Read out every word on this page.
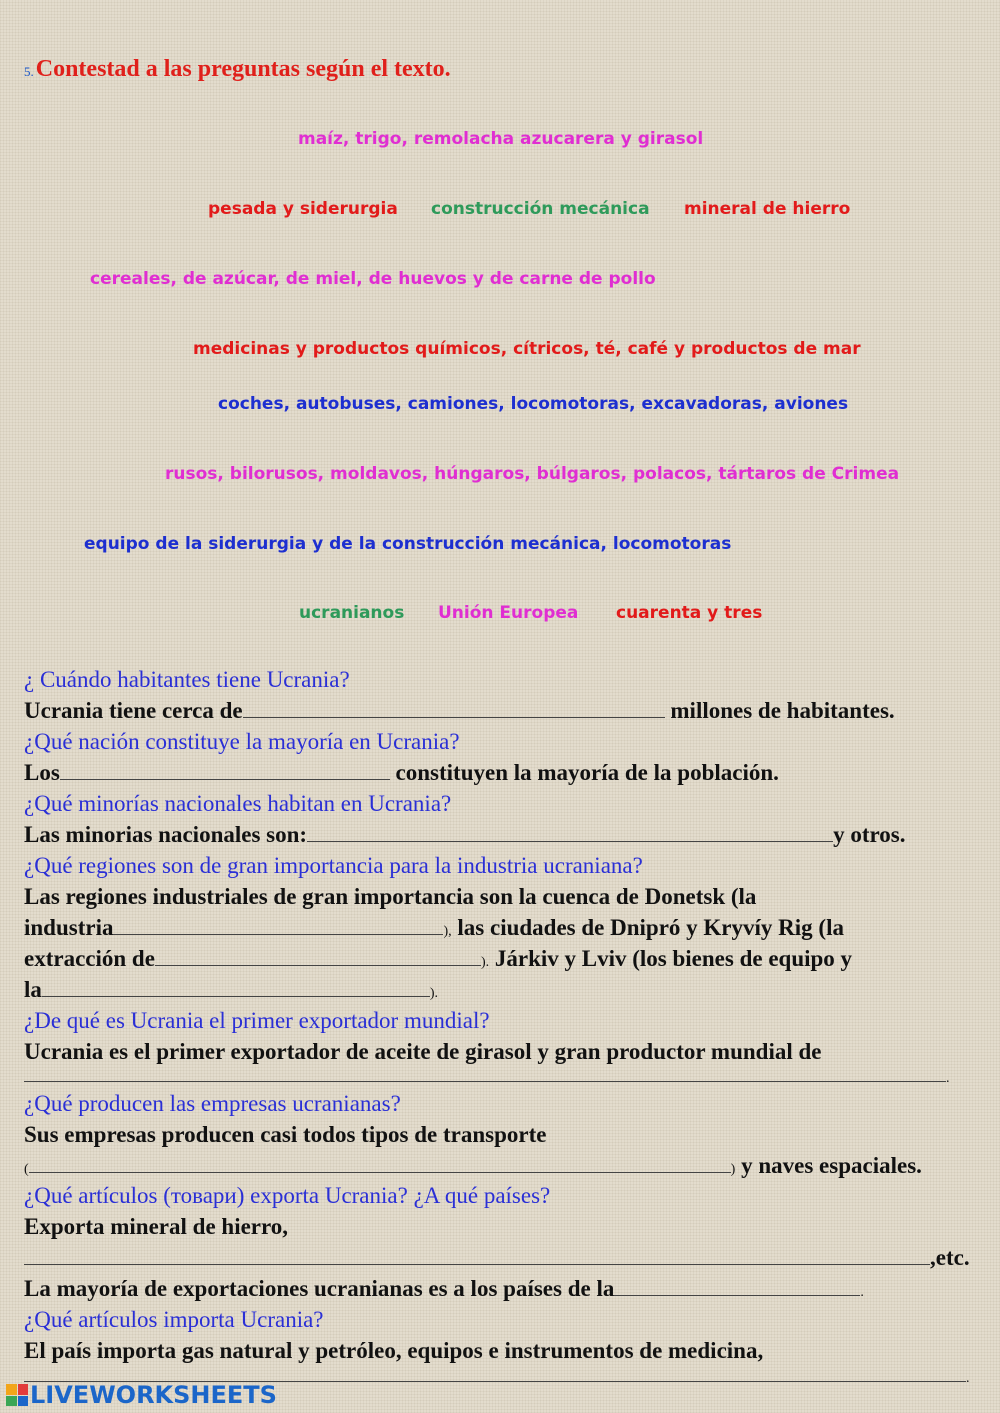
5.Contestad a las preguntas según el texto.
maíz, trigo, remolacha azucarera y girasol
pesada y siderurgia construcción mecánica mineral de hierro
cereales, de azúcar, de miel, de huevos y de carne de pollo
medicinas y productos químicos, cítricos, té, café y productos de mar
coches, autobuses, camiones, locomotoras, excavadoras, aviones
rusos, bilorusos, moldavos, húngaros, búlgaros, polacos, tártaros de Crimea
equipo de la siderurgia y de la construcción mecánica, locomotoras
ucranianos Unión Europea cuarenta y tres
¿ Cuándo habitantes tiene Ucrania?
Ucrania tiene cerca de	millones de habitantes.
¿Qué nación constituye la mayoría en Ucrania?
Los	constituyen la mayoría de la población.
¿Qué minorías nacionales habitan en Ucrania?
Las minorias nacionales son:	y otros.
¿Qué regiones son de gran importancia para la industria ucraniana?
Las regiones industriales de gran importancia son la cuenca de Donetsk (la
industria	), las ciudades de Dnipró y Kryvíy Rig (la
extracción de	). Járkiv y Lviv (los bienes de equipo y
la	).
¿De qué es Ucrania el primer exportador mundial?
Ucrania es el primer exportador de aceite de girasol y gran productor mundial de
.
¿Qué producen las empresas ucranianas?
Sus empresas producen casi todos tipos de transporte
(	) y naves espaciales.
¿Qué artículos (товари) exporta Ucrania? ¿A qué países?
Exporta mineral de hierro,
,etc.
La mayoría de exportaciones ucranianas es a los países de la	.
¿Qué artículos importa Ucrania?
El país importa gas natural y petróleo, equipos e instrumentos de medicina,
.
LIVEWORKSHEETS
